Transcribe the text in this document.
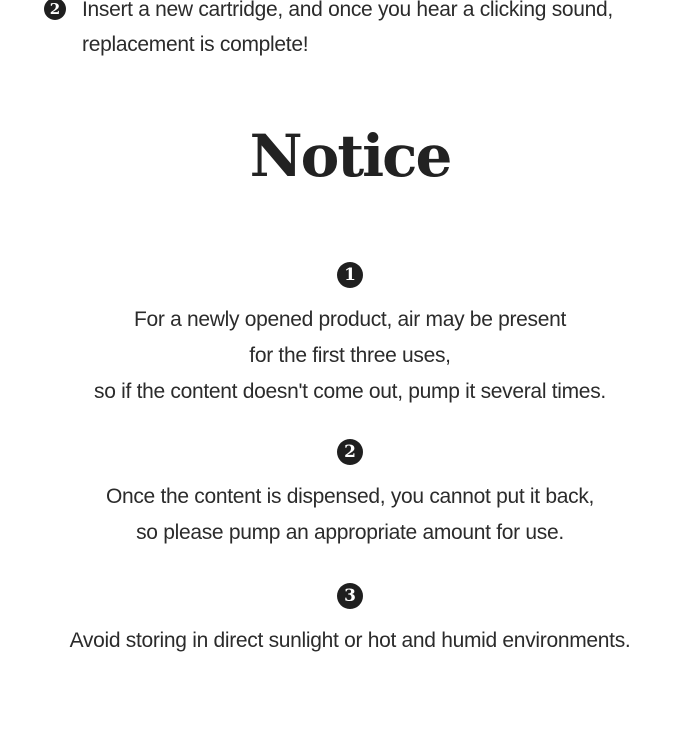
2 Insert a new cartridge, and once you hear a clicking sound,
replacement is complete!
Notice
1
For a newly opened product, air may be present
for the first three uses,
so if the content doesn't come out, pump it several times.
2
Once the content is dispensed, you cannot put it back,
so please pump an appropriate amount for use.
3
Avoid storing in direct sunlight or hot and humid environments.
